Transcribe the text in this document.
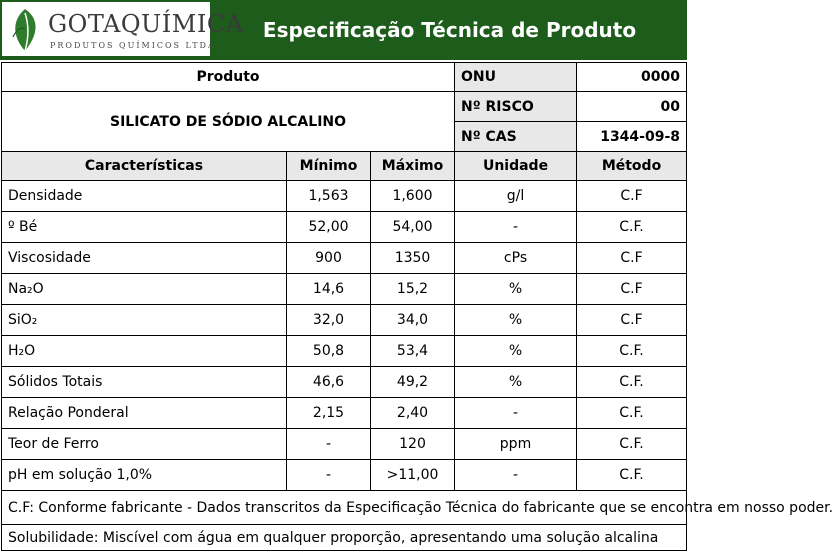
GOTAQUÍMICA
PRODUTOS QUÍMICOS LTDA
Especificação Técnica de Produto
Produto			ONU	0000
SILICATO DE SÓDIO ALCALINO			Nº RISCO	00
			Nº CAS	1344-09-8
Características	Mínimo	Máximo	Unidade	Método
Densidade	1,563	1,600	g/l	C.F
º Bé	52,00	54,00	-	C.F.
Viscosidade	900	1350	cPs	C.F
Na₂O	14,6	15,2	%	C.F
SiO₂	32,0	34,0	%	C.F
H₂O	50,8	53,4	%	C.F.
Sólidos Totais	46,6	49,2	%	C.F.
Relação Ponderal	2,15	2,40	-	C.F.
Teor de Ferro	-	120	ppm	C.F.
pH em solução 1,0%	-	>11,00	-	C.F.
C.F: Conforme fabricante - Dados transcritos da Especificação Técnica do fabricante que se encontra em nosso poder.				
Solubilidade: Miscível com água em qualquer proporção, apresentando uma solução alcalina				
